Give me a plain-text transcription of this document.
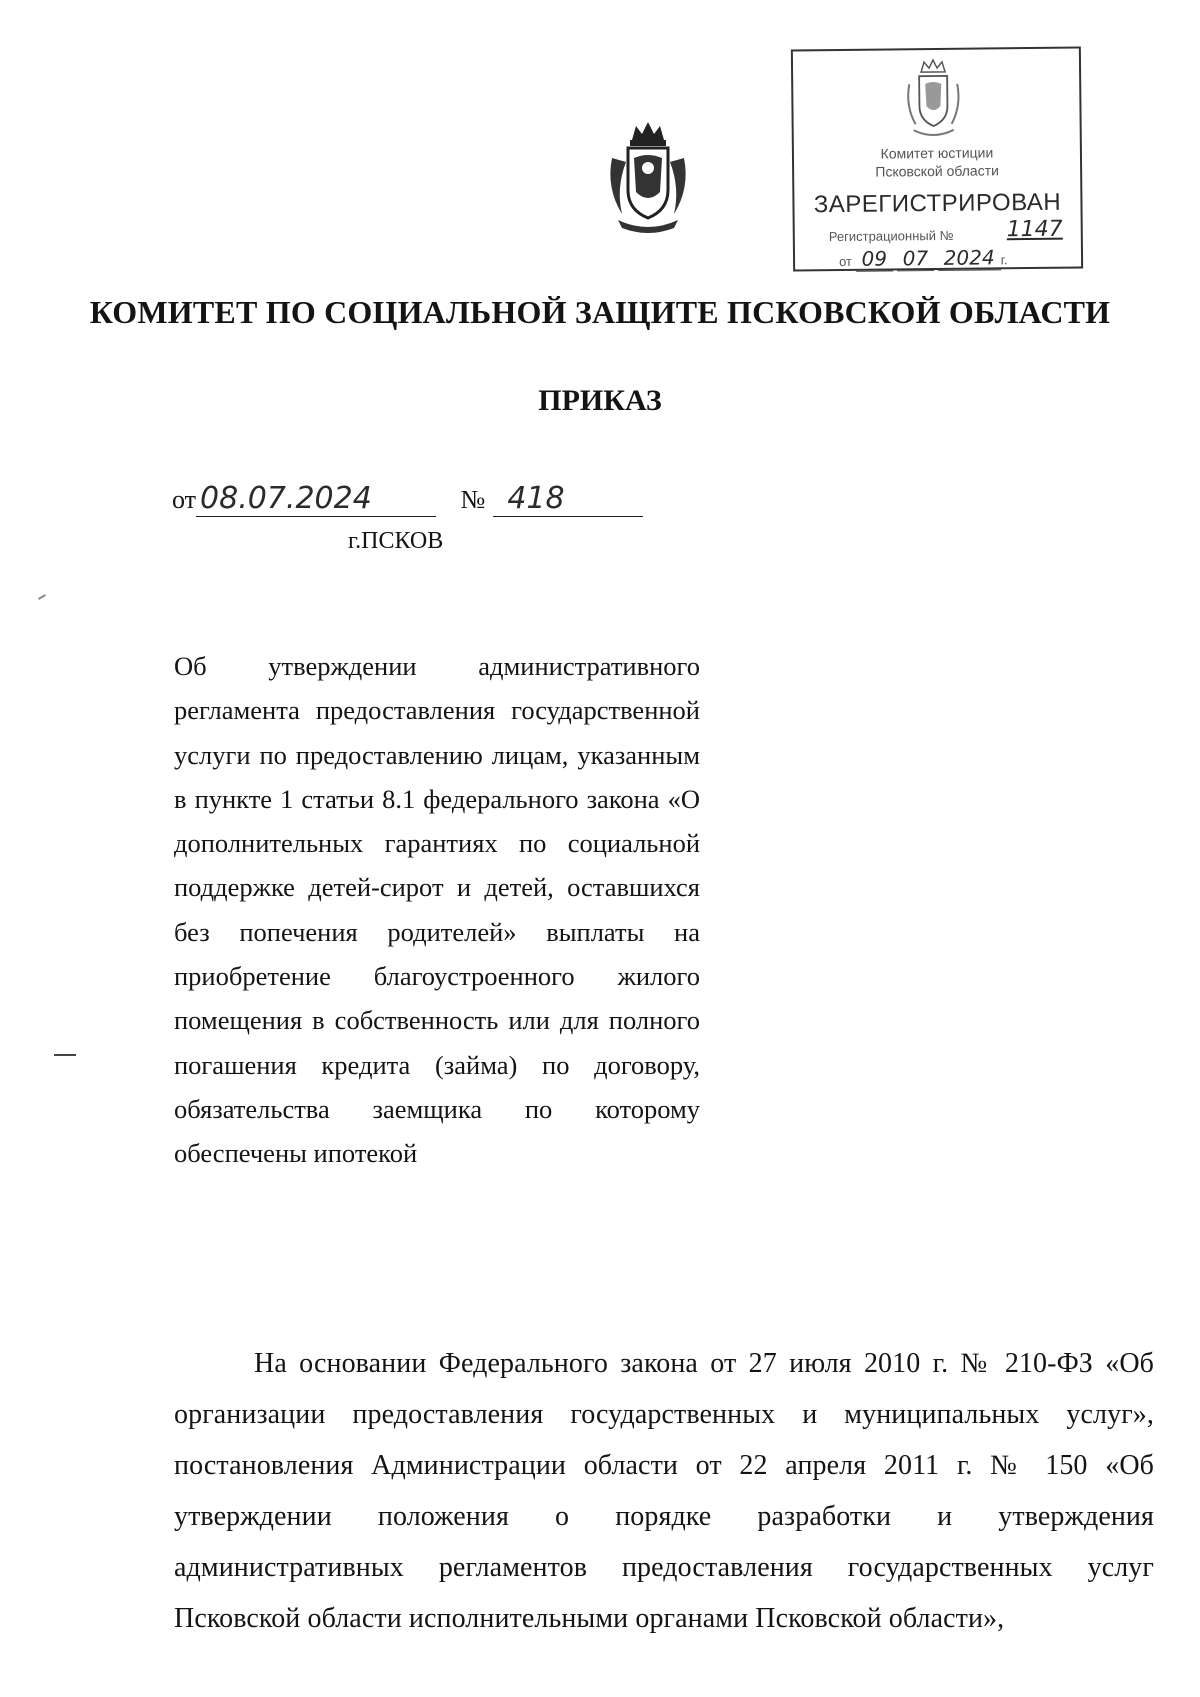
Комитет юстиции
Псковской области
ЗАРЕГИСТРИРОВАН
Регистрационный № 1147
от 09 07 2024 г.
КОМИТЕТ ПО СОЦИАЛЬНОЙ ЗАЩИТЕ ПСКОВСКОЙ ОБЛАСТИ
ПРИКАЗ
от 08.07.2024	№ 418
г.ПСКОВ
Об утверждении административного регламента предоставления государственной услуги по предоставлению лицам, указанным в пункте 1 статьи 8.1 федерального закона «О дополнительных гарантиях по социальной поддержке детей-сирот и детей, оставшихся без попечения родителей» выплаты на приобретение благоустроенного жилого помещения в собственность или для полного погашения кредита (займа) по договору, обязательства заемщика по которому обеспечены ипотекой
На основании Федерального закона от 27 июля 2010 г. № 210-ФЗ «Об организации предоставления государственных и муниципальных услуг», постановления Администрации области от 22 апреля 2011 г. № 150 «Об утверждении положения о порядке разработки и утверждения административных регламентов предоставления государственных услуг Псковской области исполнительными органами Псковской области»,
